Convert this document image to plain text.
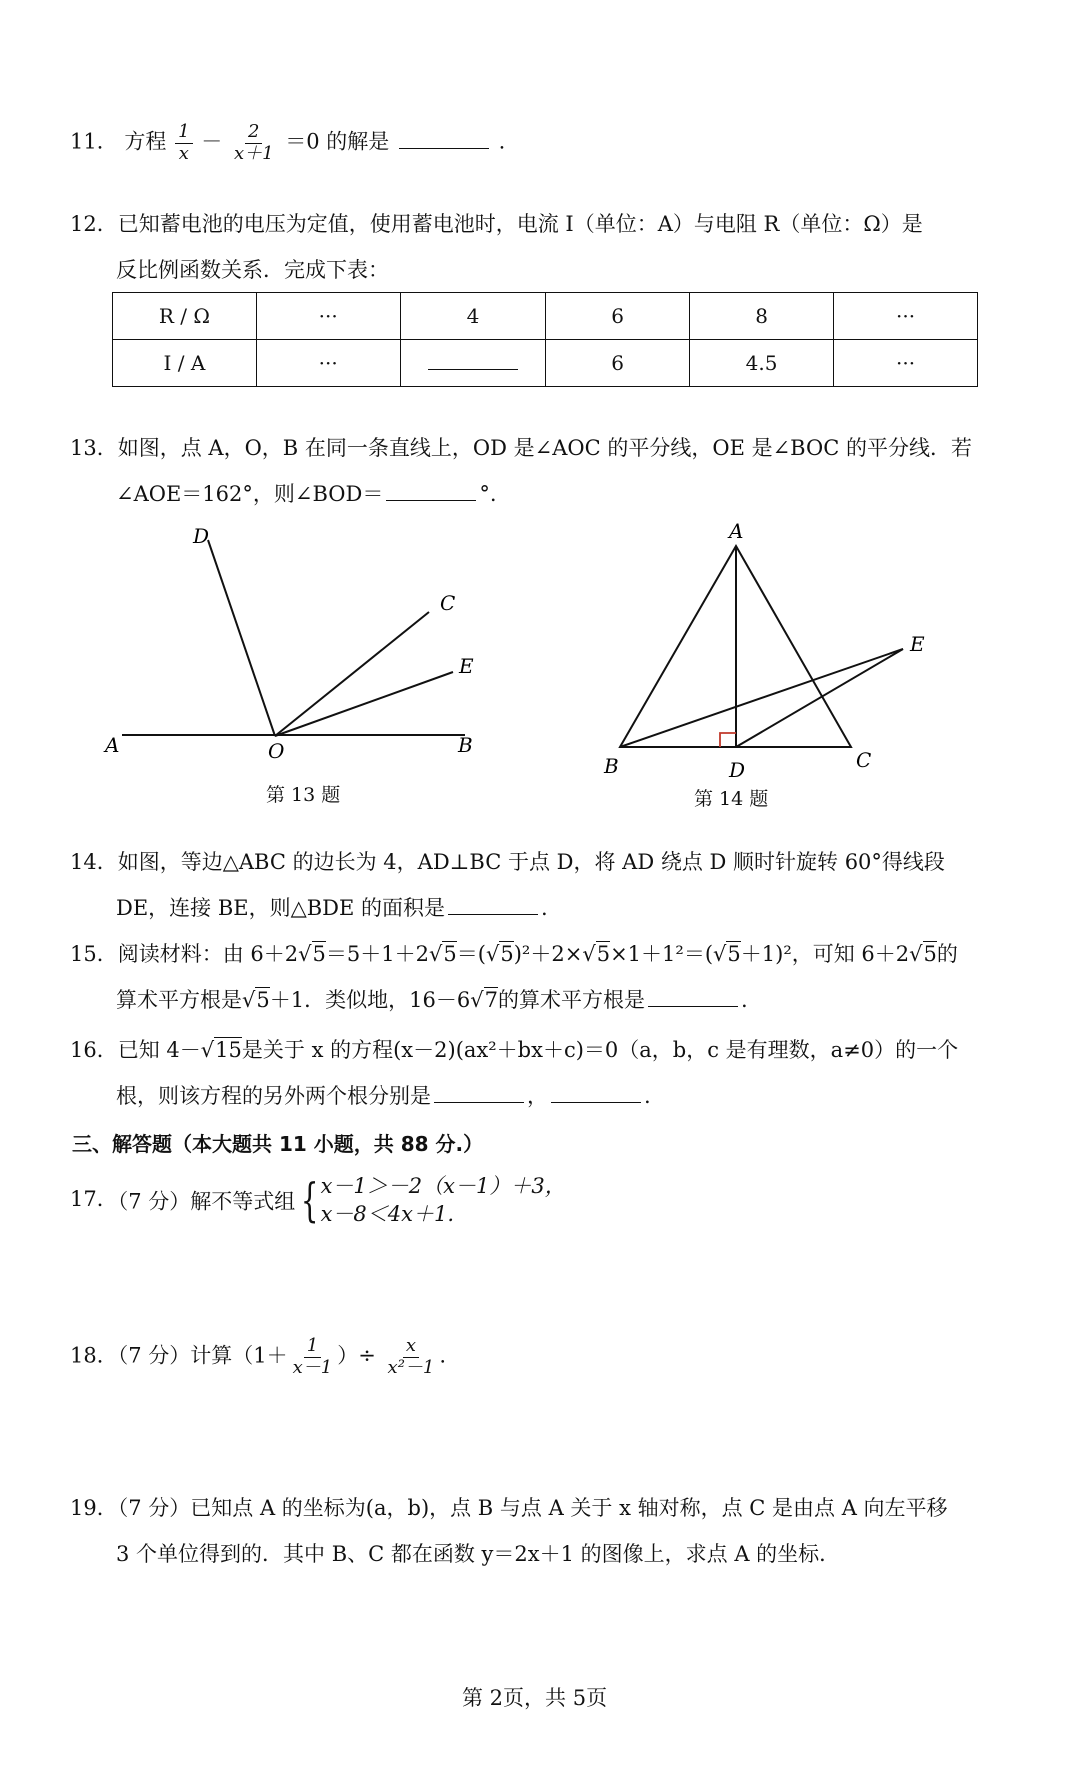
11． 方程 $\frac{1}{x} - \frac{2}{x+1} =0$ 的解是	.
12．已知蓄电池的电压为定值，使用蓄电池时，电流 I（单位：A）与电阻 R（单位：Ω）是
反比例函数关系．完成下表：
R / Ω	···	4	6	8	···
I / A	···		6	4.5	···
13．如图，点 A，O，B 在同一条直线上，OD 是∠AOC 的平分线，OE 是∠BOC 的平分线．若
∠AOE＝162°，则∠BOD＝	°.
A	O	B
D
C
E
第 13 题
A
B	D	C
E
第 14 题
14．如图，等边△ABC 的边长为 4，AD⊥BC 于点 D，将 AD 绕点 D 顺时针旋转 60°得线段
DE，连接 BE，则△BDE 的面积是	.
15．阅读材料：由 6＋2√5＝5＋1＋2√5＝(√5)²＋2×√5×1＋1²＝(√5＋1)²，可知 6＋2√5的
算术平方根是√5＋1．类似地，16－6√7的算术平方根是	.
16．已知 4－√15是关于 x 的方程(x－2)(ax²＋bx＋c)＝0（a，b，c 是有理数，a≠0）的一个
根，则该方程的另外两个根分别是	，	.
三、解答题（本大题共 11 小题，共 88 分.）
17．（7 分）解不等式组 { x－1＞－2（x－1）＋3，
x－8＜4x＋1.
18．（7 分）计算（$1+ \frac{1}{x-1}$ ）÷ $\frac{x}{\text{x²－1}}$ .
19．（7 分）已知点 A 的坐标为(a，b)，点 B 与点 A 关于 x 轴对称，点 C 是由点 A 向左平移
3 个单位得到的．其中 B、C 都在函数 y＝2x＋1 的图像上，求点 A 的坐标．
第 2页，共 5页
